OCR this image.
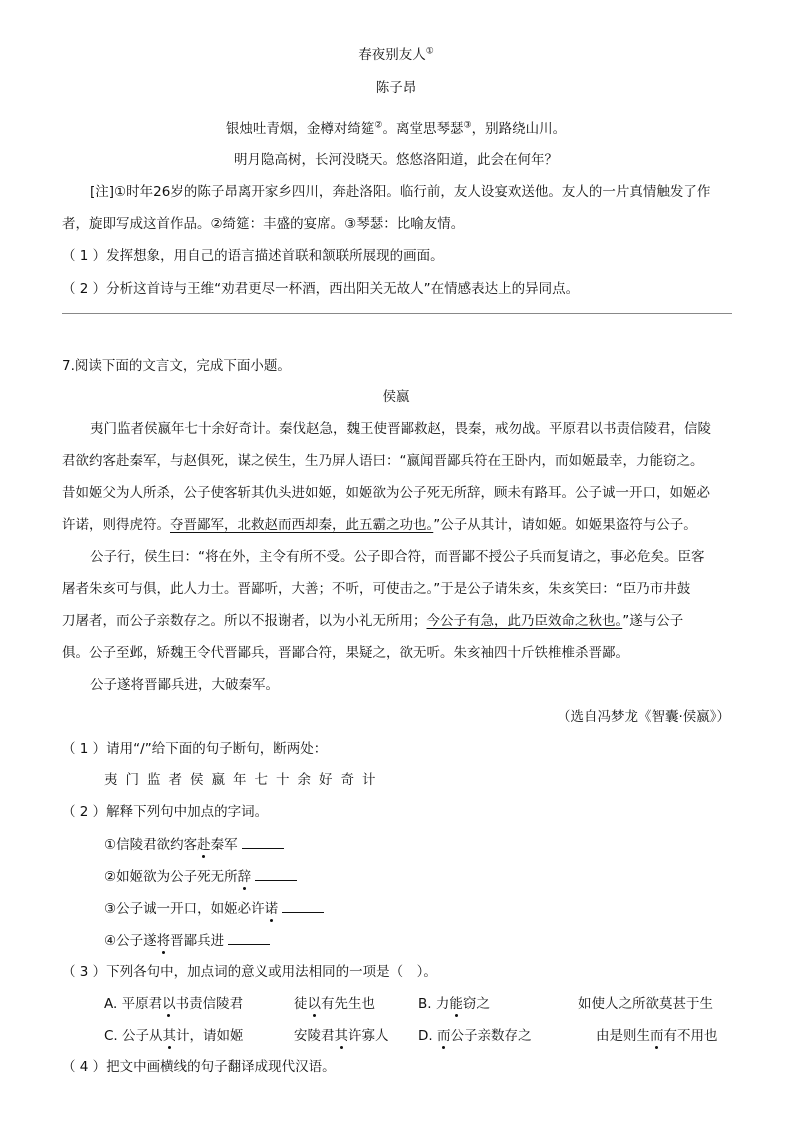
春夜别友人①
陈子昂
银烛吐青烟，金樽对绮筵②。离堂思琴瑟③，别路绕山川。
明月隐高树，长河没晓天。悠悠洛阳道，此会在何年？
[注]①时年26岁的陈子昂离开家乡四川，奔赴洛阳。临行前，友人设宴欢送他。友人的一片真情触发了作
者，旋即写成这首作品。②绮筵：丰盛的宴席。③琴瑟：比喻友情。
（ 1 ）发挥想象，用自己的语言描述首联和颔联所展现的画面。
（ 2 ）分析这首诗与王维“劝君更尽一杯酒，西出阳关无故人”在情感表达上的异同点。
7.阅读下面的文言文，完成下面小题。
侯嬴
夷门监者侯嬴年七十余好奇计。秦伐赵急，魏王使晋鄙救赵，畏秦，戒勿战。平原君以书责信陵君，信陵
君欲约客赴秦军，与赵俱死，谋之侯生，生乃屏人语曰：“嬴闻晋鄙兵符在王卧内，而如姬最幸，力能窃之。
昔如姬父为人所杀，公子使客斩其仇头进如姬，如姬欲为公子死无所辞，顾未有路耳。公子诚一开口，如姬必
许诺，则得虎符。夺晋鄙军，北救赵而西却秦，此五霸之功也。”公子从其计，请如姬。如姬果盗符与公子。
公子行，侯生曰：“将在外，主令有所不受。公子即合符，而晋鄙不授公子兵而复请之，事必危矣。臣客
屠者朱亥可与俱，此人力士。晋鄙听，大善；不听，可使击之。”于是公子请朱亥，朱亥笑曰：“臣乃市井鼓
刀屠者，而公子亲数存之。所以不报谢者，以为小礼无所用；今公子有急，此乃臣效命之秋也。”遂与公子
俱。公子至邺，矫魏王令代晋鄙兵，晋鄙合符，果疑之，欲无听。朱亥袖四十斤铁椎椎杀晋鄙。
公子遂将晋鄙兵进，大破秦军。
（选自冯梦龙《智囊·侯嬴》）
（ 1 ）请用“/”给下面的句子断句，断两处：
夷门监者侯嬴年七十余好奇计
（ 2 ）解释下列句中加点的字词。
①信陵君欲约客赴秦军
②如姬欲为公子死无所辞
③公子诚一开口，如姬必许诺
④公子遂将晋鄙兵进
（ 3 ）下列各句中，加点词的意义或用法相同的一项是（　）。
A. 平原君以书责信陵君	徒以有先生也	B. 力能窃之	如使人之所欲莫甚于生
C. 公子从其计，请如姬	安陵君其许寡人 D. 而公子亲数存之	由是则生而有不用也
（ 4 ）把文中画横线的句子翻译成现代汉语。
